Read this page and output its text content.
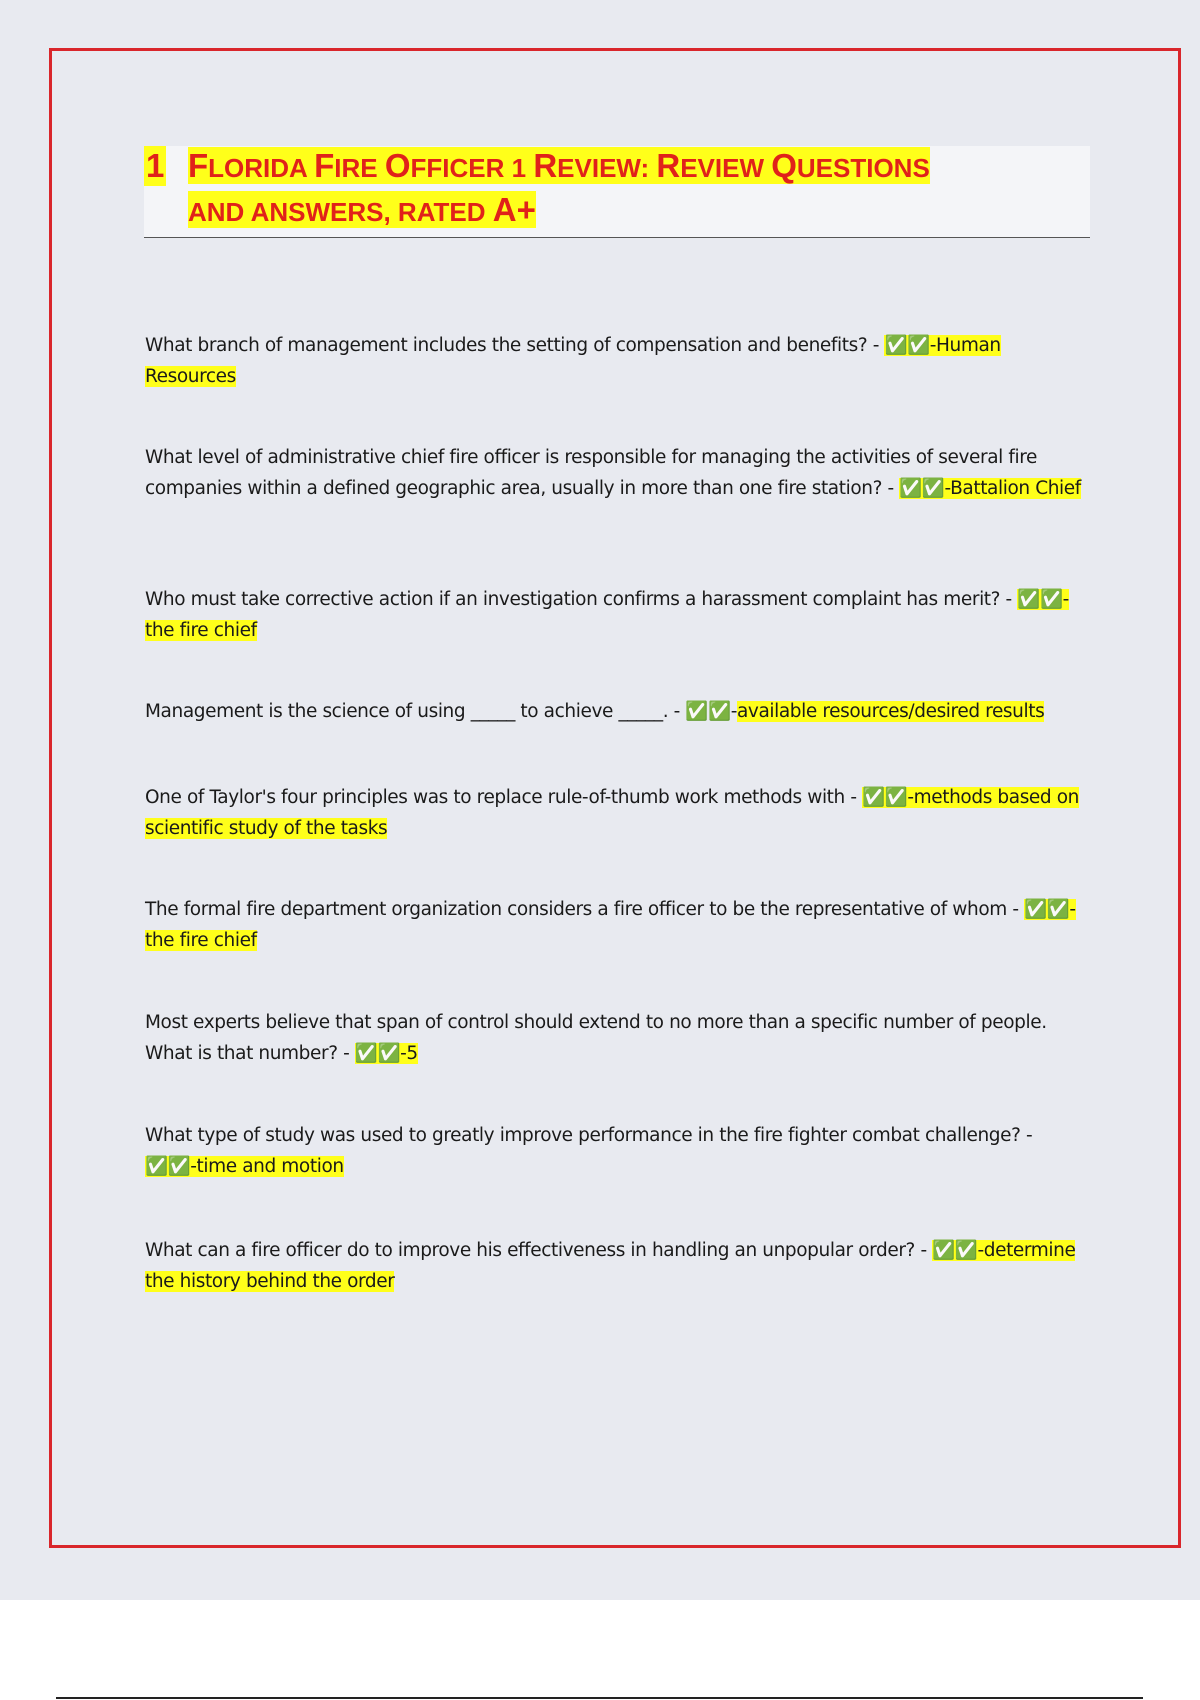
1 FLORIDA FIRE OFFICER 1 REVIEW: REVIEW QUESTIONS
AND ANSWERS, RATED A+
What branch of management includes the setting of compensation and benefits? - ✅✅-Human Resources
What level of administrative chief fire officer is responsible for managing the activities of several fire companies within a defined geographic area, usually in more than one fire station? - ✅✅-Battalion Chief
Who must take corrective action if an investigation confirms a harassment complaint has merit? - ✅✅-the fire chief
Management is the science of using _____ to achieve _____. - ✅✅-available resources/desired results
One of Taylor's four principles was to replace rule-of-thumb work methods with - ✅✅-methods based on scientific study of the tasks
The formal fire department organization considers a fire officer to be the representative of whom - ✅✅-the fire chief
Most experts believe that span of control should extend to no more than a specific number of people. What is that number? - ✅✅-5
What type of study was used to greatly improve performance in the fire fighter combat challenge? - ✅✅-time and motion
What can a fire officer do to improve his effectiveness in handling an unpopular order? - ✅✅-determine the history behind the order
